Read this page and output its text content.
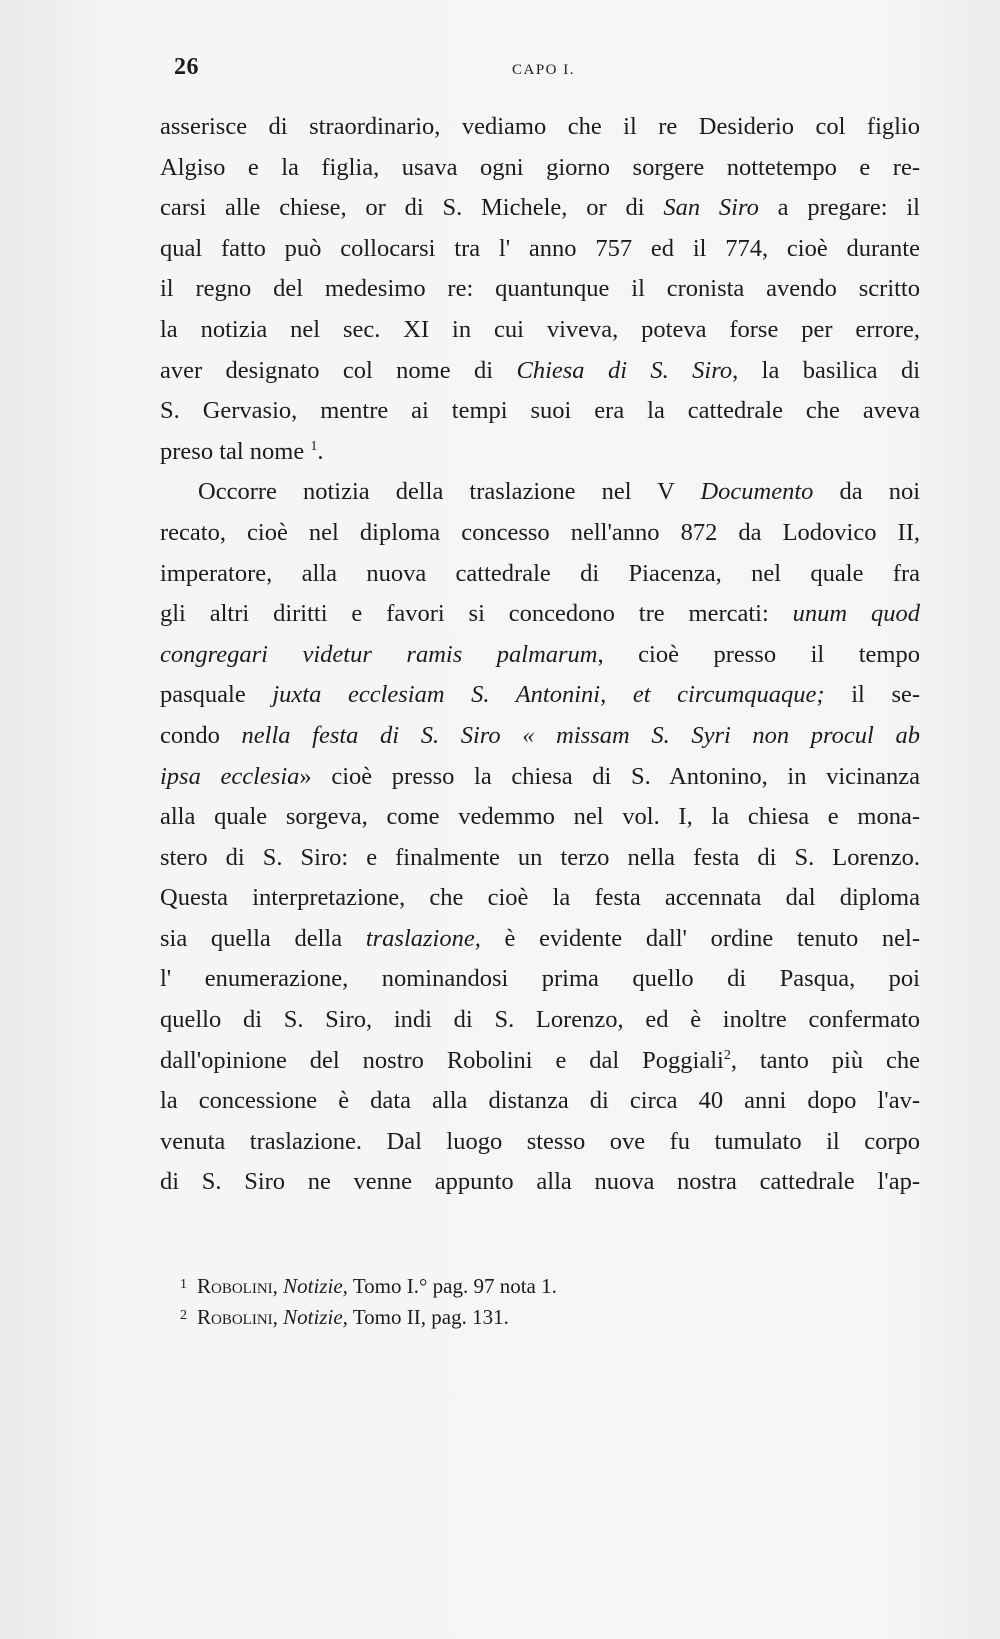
26	CAPO I.
asserisce di straordinario, vediamo che il re Desiderio col figlio
Algiso e la figlia, usava ogni giorno sorgere nottetempo e re-
carsi alle chiese, or di S. Michele, or di San Siro a pregare: il
qual fatto può collocarsi tra l' anno 757 ed il 774, cioè durante
il regno del medesimo re: quantunque il cronista avendo scritto
la notizia nel sec. XI in cui viveva, poteva forse per errore,
aver designato col nome di Chiesa di S. Siro, la basilica di
S. Gervasio, mentre ai tempi suoi era la cattedrale che aveva
preso tal nome $^1$.
Occorre notizia della traslazione nel V Documento da noi
recato, cioè nel diploma concesso nell'anno 872 da Lodovico II,
imperatore, alla nuova cattedrale di Piacenza, nel quale fra
gli altri diritti e favori si concedono tre mercati: unum quod
congregari videtur ramis palmarum, cioè presso il tempo
pasquale juxta ecclesiam S. Antonini, et circumquaque; il se-
condo nella festa di S. Siro « missam S. Syri non procul ab
ipsa ecclesia» cioè presso la chiesa di S. Antonino, in vicinanza
alla quale sorgeva, come vedemmo nel vol. I, la chiesa e mona-
stero di S. Siro: e finalmente un terzo nella festa di S. Lorenzo.
Questa interpretazione, che cioè la festa accennata dal diploma
sia quella della traslazione, è evidente dall' ordine tenuto nel-
l' enumerazione, nominandosi prima quello di Pasqua, poi
quello di S. Siro, indi di S. Lorenzo, ed è inoltre confermato
dall'opinione del nostro Robolini e dal Poggiali$^2$, tanto più che
la concessione è data alla distanza di circa 40 anni dopo l'av-
venuta traslazione. Dal luogo stesso ove fu tumulato il corpo
di S. Siro ne venne appunto alla nuova nostra cattedrale l'ap-
$^1$ Robolini, Notizie, Tomo I.° pag. 97 nota 1.
$^2$ Robolini, Notizie, Tomo II, pag. 131.
